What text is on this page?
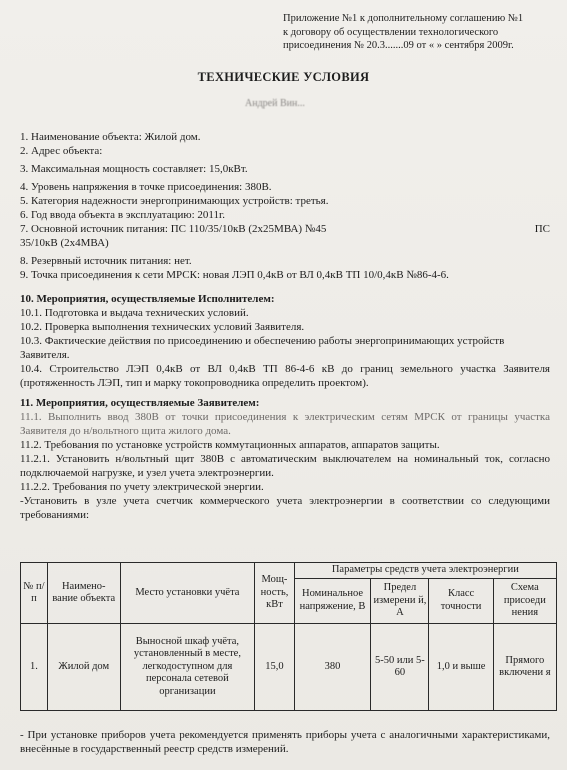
Приложение №1 к дополнительному соглашению №1
к договору об осуществлении технологического
присоединения № 20.3.......09 от « » сентября 2009г.
ТЕХНИЧЕСКИЕ УСЛОВИЯ
Андрей Вин...

1. Наименование объекта: Жилой дом.

2. Адрес объекта:

3. Максимальная мощность составляет: 15,0кВт.

4. Уровень напряжения в точке присоединения: 380В.

5. Категория надежности энергопринимающих устройств: третья.

6. Год ввода объекта в эксплуатацию: 2011г.

7. Основной источник питания: ПС 110/35/10кВ (2х25МВА) №45	ПС

35/10кВ (2х4МВА)

8. Резервный источник питания: нет.

9. Точка присоединения к сети МРСК: новая ЛЭП 0,4кВ от ВЛ 0,4кВ ТП 10/0,4кВ №86-4-6.

10. Мероприятия, осуществляемые Исполнителем:

10.1. Подготовка и выдача технических условий.

10.2. Проверка выполнения технических условий Заявителя.

10.3. Фактические действия по присоединению и обеспечению работы энергопринимающих устройств Заявителя.

10.4. Строительство ЛЭП 0,4кВ от ВЛ 0,4кВ ТП 86-4-6 кВ до границ земельного участка Заявителя (протяженность ЛЭП, тип и марку токопроводника определить проектом).

11. Мероприятия, осуществляемые Заявителем:

11.1. Выполнить ввод 380В от точки присоединения к электрическим сетям МРСК от границы участка Заявителя до н/вольтного щита жилого дома.

11.2. Требования по установке устройств коммутационных аппаратов, аппаратов защиты.

11.2.1. Установить н/вольтный щит 380В с автоматическим выключателем на номинальный ток, согласно подключаемой нагрузке, и узел учета электроэнергии.

11.2.2. Требования по учету электрической энергии.

-Установить в узле учета счетчик коммерческого учета электроэнергии в соответствии со следующими требованиями:

№ п/п	Наимено-вание объекта	Место установки учёта	Мощ-ность, кВт	Параметры средств учета электроэнергии			
				Номинальное напряжение, В	Предел измерени й, А	Класс точности	Схема присоеди нения
1.	Жилой дом	Выносной шкаф учёта, установленный в месте, легкодоступном для персонала сетевой организации	15,0	380	5-50 или 5-60	1,0 и выше	Прямого включени я
- При установке приборов учета рекомендуется применять приборы учета с аналогичными характеристиками, внесённые в государственный реестр средств измерений.
